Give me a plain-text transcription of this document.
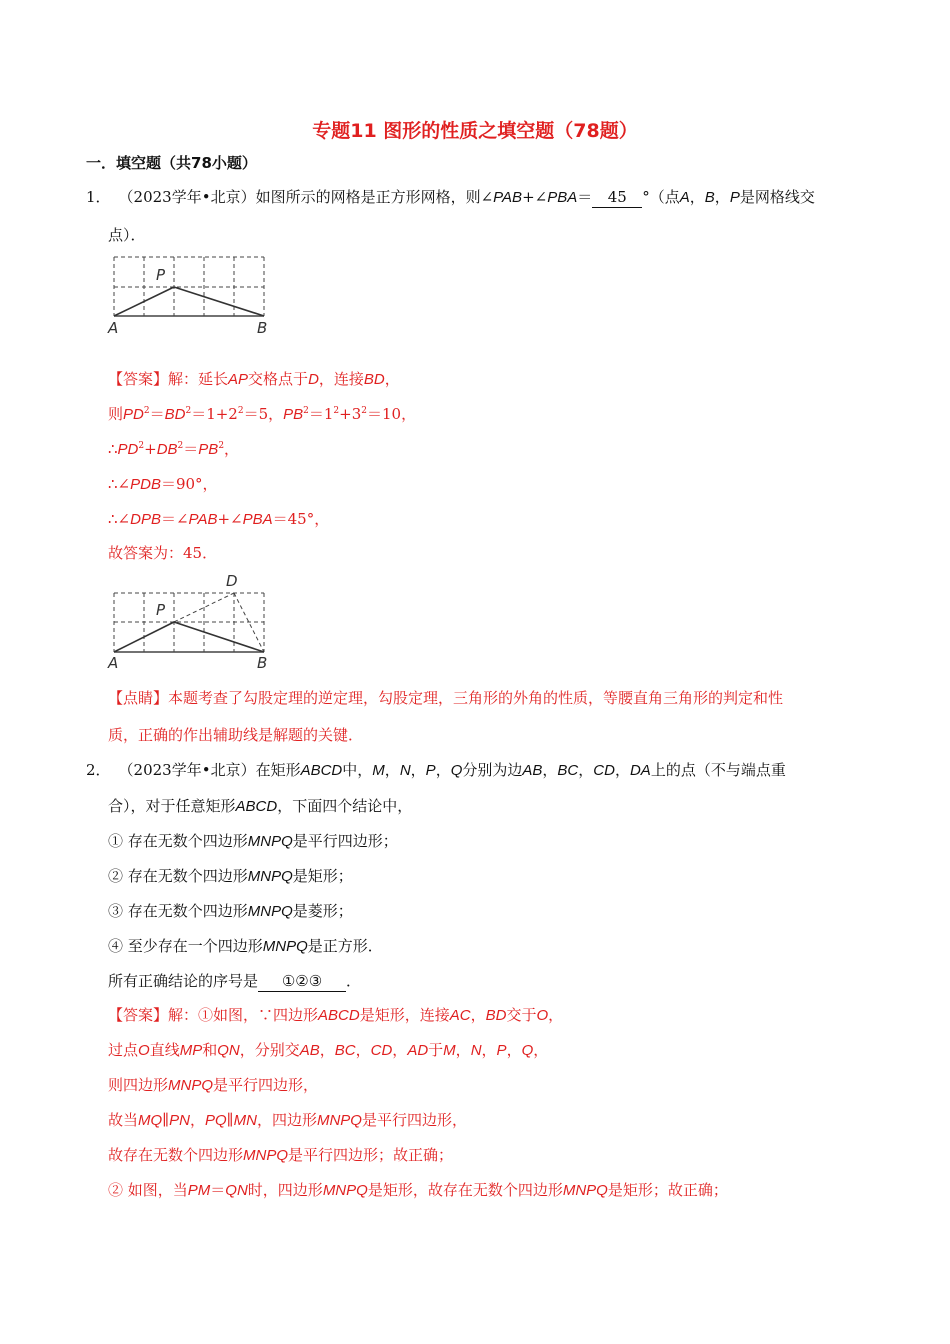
专题11 图形的性质之填空题（78题）
一．填空题（共78小题）
1． （2023学年•北京）如图所示的网格是正方形网格，则∠PAB+∠PBA＝ 45 °（点A，B，P是网格线交
点）．
P
A	B
【答案】解：延长AP交格点于D，连接BD，
则$PD^2=BD^2=1+2^2=5$，$PB^2=1^2+3^2=10$，
$\therefore PD^2+DB^2=PB^2$，
∴∠PDB＝90°，
∴∠DPB＝∠PAB+∠PBA＝45°，
故答案为：45．
D
P
A	B
【点睛】本题考查了勾股定理的逆定理，勾股定理，三角形的外角的性质，等腰直角三角形的判定和性
质，正确的作出辅助线是解题的关键．
2． （2023学年•北京）在矩形ABCD中，M，N，P，Q分别为边AB，BC，CD，DA上的点（不与端点重
合），对于任意矩形ABCD，下面四个结论中，
① 存在无数个四边形MNPQ是平行四边形；
② 存在无数个四边形MNPQ是矩形；
③ 存在无数个四边形MNPQ是菱形；
④ 至少存在一个四边形MNPQ是正方形．
所有正确结论的序号是 ①②③ ．
【答案】解：①如图，∵四边形ABCD是矩形，连接AC，BD交于O，
过点O直线MP和QN，分别交AB，BC，CD，AD于M，N，P，Q，
则四边形MNPQ是平行四边形，
故当MQ∥PN，PQ∥MN，四边形MNPQ是平行四边形，
故存在无数个四边形MNPQ是平行四边形；故正确；
② 如图，当PM＝QN时，四边形MNPQ是矩形，故存在无数个四边形MNPQ是矩形；故正确；
